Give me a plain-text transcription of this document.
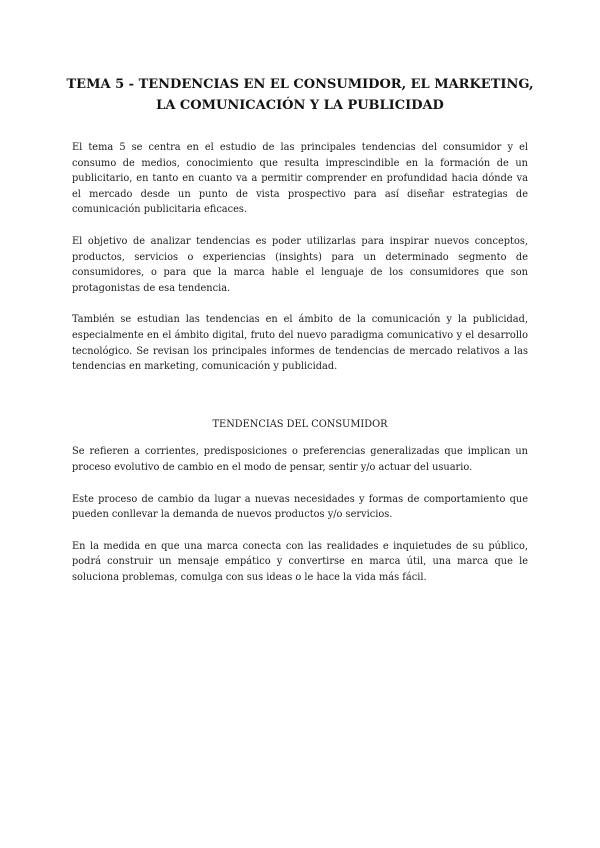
TEMA 5 - TENDENCIAS EN EL CONSUMIDOR, EL MARKETING, LA COMUNICACIÓN Y LA PUBLICIDAD

El tema 5 se centra en el estudio de las principales tendencias del consumidor y el consumo de medios, conocimiento que resulta imprescindible en la formación de un publicitario, en tanto en cuanto va a permitir comprender en profundidad hacia dónde va el mercado desde un punto de vista prospectivo para así diseñar estrategias de comunicación publicitaria eficaces.

El objetivo de analizar tendencias es poder utilizarlas para inspirar nuevos conceptos, productos, servicios o experiencias (insights) para un determinado segmento de consumidores, o para que la marca hable el lenguaje de los consumidores que son protagonistas de esa tendencia.

También se estudian las tendencias en el ámbito de la comunicación y la publicidad, especialmente en el ámbito digital, fruto del nuevo paradigma comunicativo y el desarrollo tecnológico. Se revisan los principales informes de tendencias de mercado relativos a las tendencias en marketing, comunicación y publicidad.

TENDENCIAS DEL CONSUMIDOR

Se refieren a corrientes, predisposiciones o preferencias generalizadas que implican un proceso evolutivo de cambio en el modo de pensar, sentir y/o actuar del usuario.

Este proceso de cambio da lugar a nuevas necesidades y formas de comportamiento que pueden conllevar la demanda de nuevos productos y/o servicios.

En la medida en que una marca conecta con las realidades e inquietudes de su público, podrá construir un mensaje empático y convertirse en marca útil, una marca que le soluciona problemas, comulga con sus ideas o le hace la vida más fácil.
